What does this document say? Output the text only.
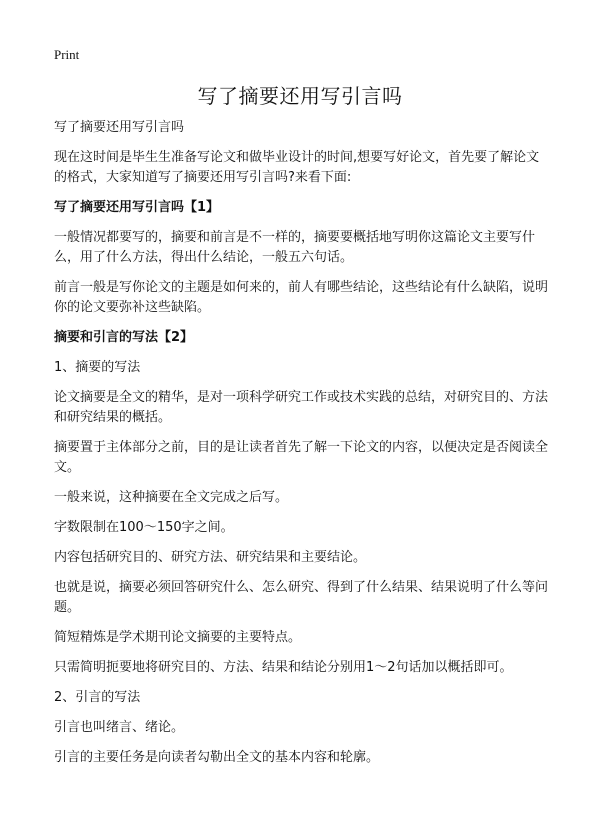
Print
写了摘要还用写引言吗

写了摘要还用写引言吗

现在这时间是毕生生准备写论文和做毕业设计的时间,想要写好论文，首先要了解论文的格式，大家知道写了摘要还用写引言吗?来看下面:

写了摘要还用写引言吗【1】

一般情况都要写的，摘要和前言是不一样的，摘要要概括地写明你这篇论文主要写什么，用了什么方法，得出什么结论，一般五六句话。

前言一般是写你论文的主题是如何来的，前人有哪些结论，这些结论有什么缺陷，说明你的论文要弥补这些缺陷。

摘要和引言的写法【2】

1、摘要的写法

论文摘要是全文的精华，是对一项科学研究工作或技术实践的总结，对研究目的、方法和研究结果的概括。

摘要置于主体部分之前，目的是让读者首先了解一下论文的内容，以便决定是否阅读全文。

一般来说，这种摘要在全文完成之后写。

字数限制在100～150字之间。

内容包括研究目的、研究方法、研究结果和主要结论。

也就是说，摘要必须回答研究什么、怎么研究、得到了什么结果、结果说明了什么等问题。

简短精炼是学术期刊论文摘要的主要特点。

只需简明扼要地将研究目的、方法、结果和结论分别用1～2句话加以概括即可。

2、引言的写法

引言也叫绪言、绪论。

引言的主要任务是向读者勾勒出全文的基本内容和轮廓。
